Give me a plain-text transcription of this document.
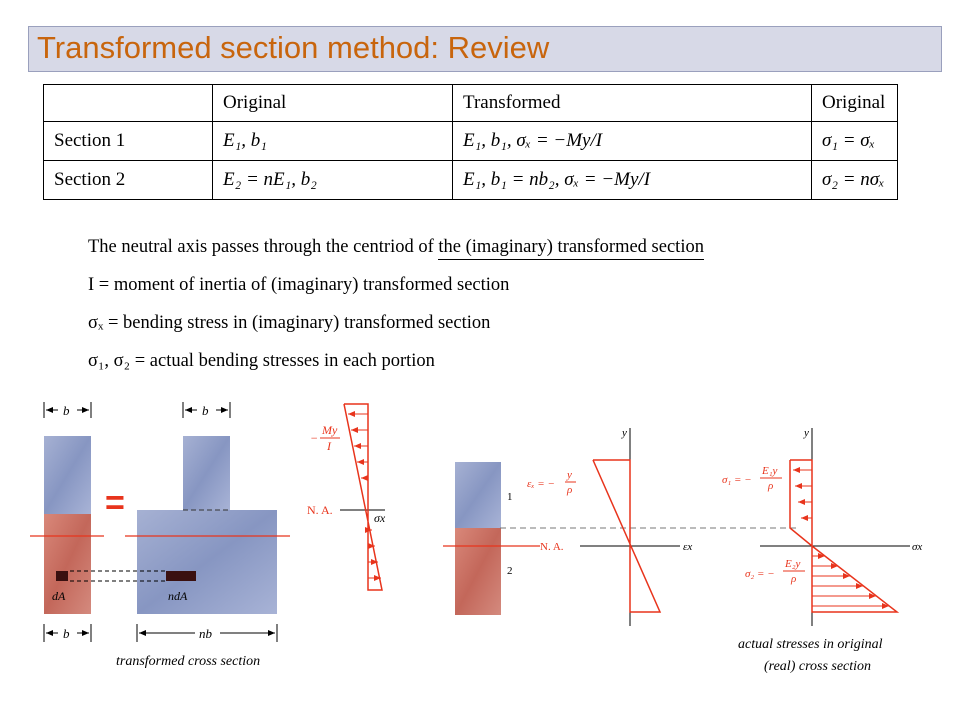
Transformed section method: Review
	Original	Transformed	Original
Section 1	E₁, b₁	E₁, b₁, σₓ = −My/I	σ₁ = σₓ
Section 2	E₂ = nE₁, b₂	E₁, b₁ = nb₂, σₓ = −My/I	σ₂ = nσₓ
The neutral axis passes through the centriod of the (imaginary) transformed section
I = moment of inertia of (imaginary) transformed section
σₓ = bending stress in (imaginary) transformed section
σ₁, σ₂ = actual bending stresses in each portion
dA
b
b
=
ndA
b
nb
−
My
I
N. A.
σx
transformed cross section
1
2
N. A.
y
εx
εₓ = −
y
ρ
y
σx
σ₁ = −
E₁y
ρ
σ₂ = −
E₂y
ρ
actual stresses in original
(real) cross section
